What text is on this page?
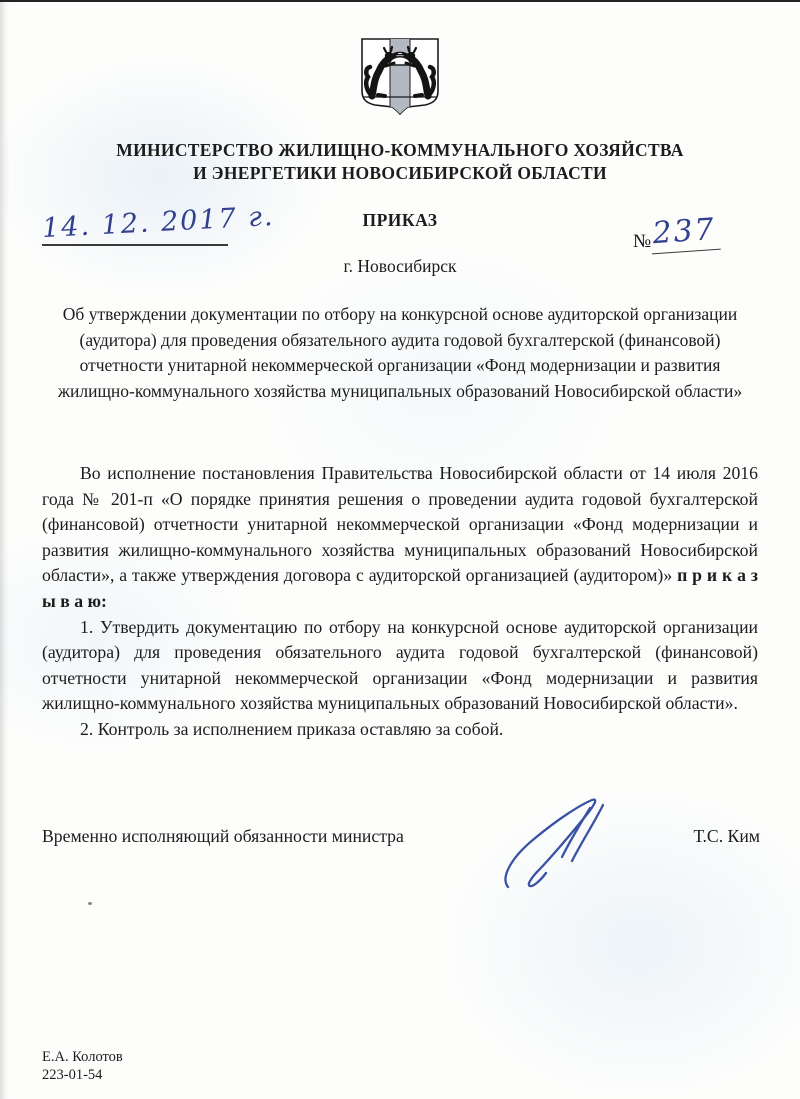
МИНИСТЕРСТВО ЖИЛИЩНО-КОММУНАЛЬНОГО ХОЗЯЙСТВА
И ЭНЕРГЕТИКИ НОВОСИБИРСКОЙ ОБЛАСТИ
ПРИКАЗ
14. 12. 2017 г.	№237
г. Новосибирск
Об утверждении документации по отбору на конкурсной основе аудиторской организации (аудитора) для проведения обязательного аудита годовой бухгалтерской (финансовой) отчетности унитарной некоммерческой организации «Фонд модернизации и развития жилищно-коммунального хозяйства муниципальных образований Новосибирской области»

Во исполнение постановления Правительства Новосибирской области от 14 июля 2016 года № 201-п «О порядке принятия решения о проведении аудита годовой бухгалтерской (финансовой) отчетности унитарной некоммерческой организации «Фонд модернизации и развития жилищно-коммунального хозяйства муниципальных образований Новосибирской области», а также утверждения договора с аудиторской организацией (аудитором)» п р и к а з ы в а ю:

1. Утвердить документацию по отбору на конкурсной основе аудиторской организации (аудитора) для проведения обязательного аудита годовой бухгалтерской (финансовой) отчетности унитарной некоммерческой организации «Фонд модернизации и развития жилищно-коммунального хозяйства муниципальных образований Новосибирской области».

2. Контроль за исполнением приказа оставляю за собой.

Временно исполняющий обязанности министра	Т.С. Ким
Е.А. Колотов
223-01-54
